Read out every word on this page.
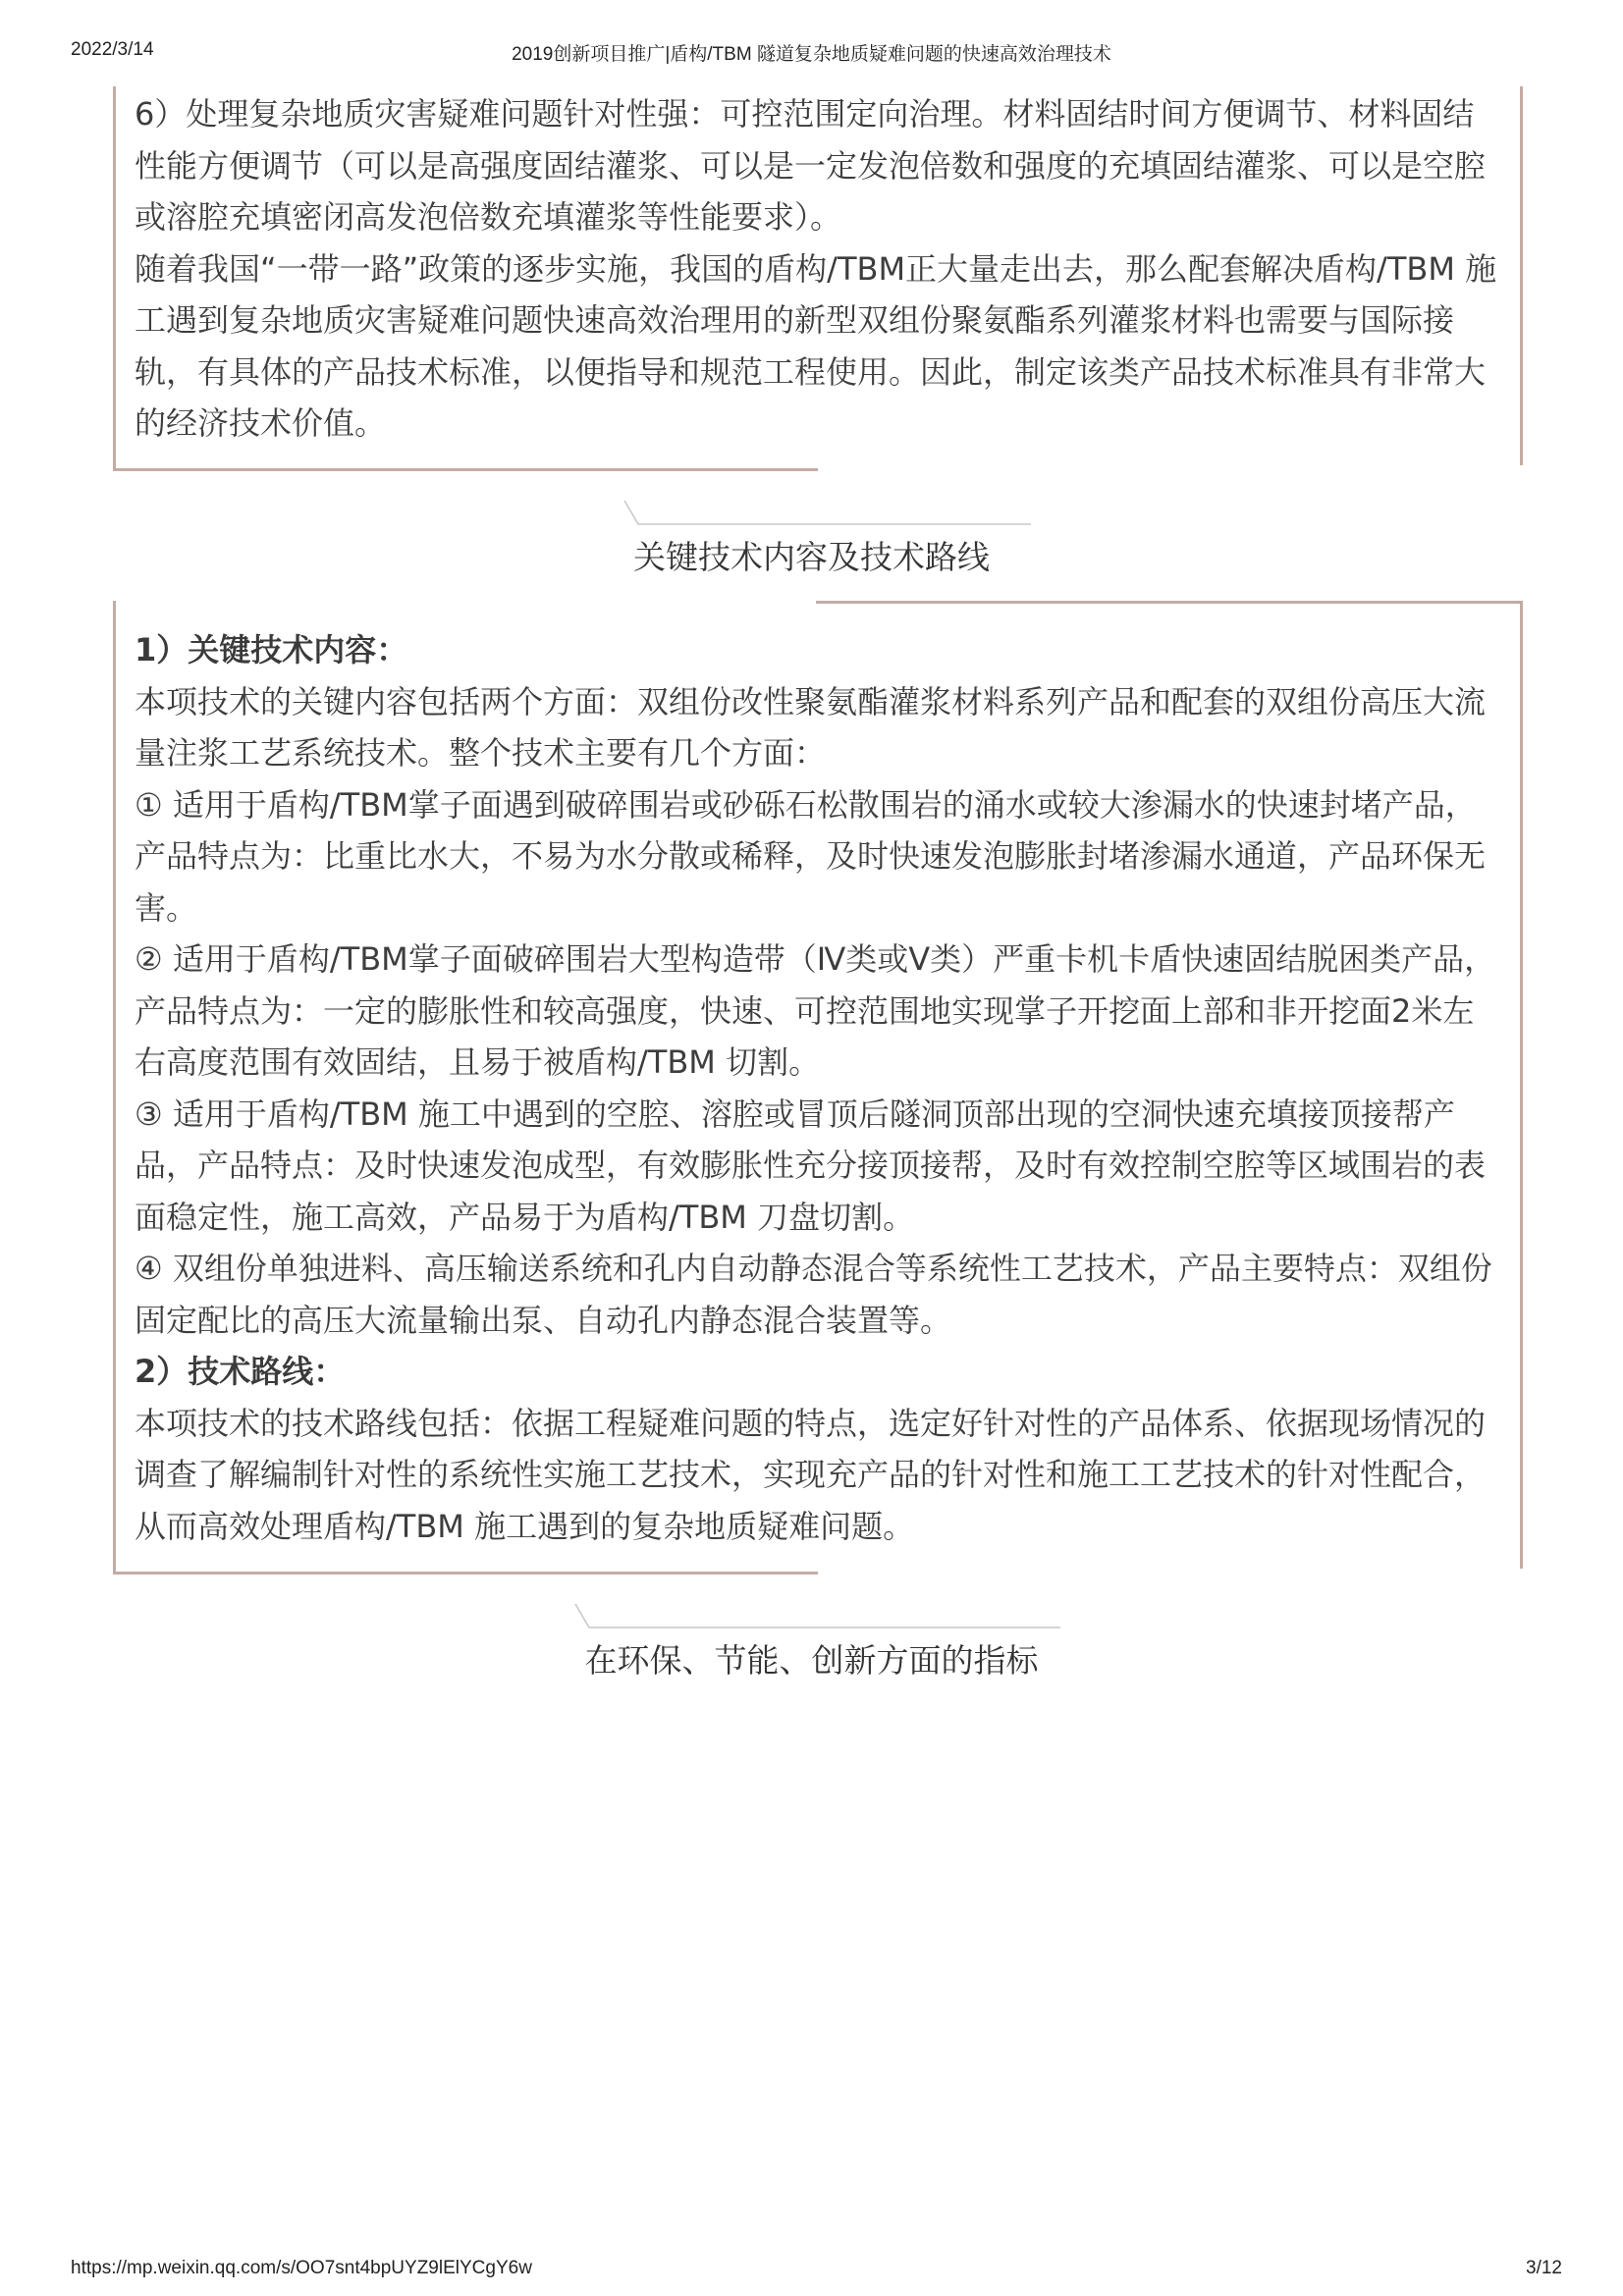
2022/3/14	2019创新项目推广|盾构/TBM 隧道复杂地质疑难问题的快速高效治理技术

6）处理复杂地质灾害疑难问题针对性强：可控范围定向治理。材料固结时间方便调节、材料固结性能方便调节（可以是高强度固结灌浆、可以是一定发泡倍数和强度的充填固结灌浆、可以是空腔或溶腔充填密闭高发泡倍数充填灌浆等性能要求）。

随着我国“一带一路”政策的逐步实施，我国的盾构/TBM正大量走出去，那么配套解决盾构/TBM 施工遇到复杂地质灾害疑难问题快速高效治理用的新型双组份聚氨酯系列灌浆材料也需要与国际接轨，有具体的产品技术标准，以便指导和规范工程使用。因此，制定该类产品技术标准具有非常大的经济技术价值。

关键技术内容及技术路线

1）关键技术内容：

本项技术的关键内容包括两个方面：双组份改性聚氨酯灌浆材料系列产品和配套的双组份高压大流量注浆工艺系统技术。整个技术主要有几个方面：

① 适用于盾构/TBM掌子面遇到破碎围岩或砂砾石松散围岩的涌水或较大渗漏水的快速封堵产品，产品特点为：比重比水大，不易为水分散或稀释，及时快速发泡膨胀封堵渗漏水通道，产品环保无害。

② 适用于盾构/TBM掌子面破碎围岩大型构造带（Ⅳ类或Ⅴ类）严重卡机卡盾快速固结脱困类产品，产品特点为：一定的膨胀性和较高强度，快速、可控范围地实现掌子开挖面上部和非开挖面2米左右高度范围有效固结，且易于被盾构/TBM 切割。

③ 适用于盾构/TBM 施工中遇到的空腔、溶腔或冒顶后隧洞顶部出现的空洞快速充填接顶接帮产品，产品特点：及时快速发泡成型，有效膨胀性充分接顶接帮，及时有效控制空腔等区域围岩的表面稳定性，施工高效，产品易于为盾构/TBM 刀盘切割。

④ 双组份单独进料、高压输送系统和孔内自动静态混合等系统性工艺技术，产品主要特点：双组份固定配比的高压大流量输出泵、自动孔内静态混合装置等。

2）技术路线：

本项技术的技术路线包括：依据工程疑难问题的特点，选定好针对性的产品体系、依据现场情况的调查了解编制针对性的系统性实施工艺技术，实现充产品的针对性和施工工艺技术的针对性配合，从而高效处理盾构/TBM 施工遇到的复杂地质疑难问题。

在环保、节能、创新方面的指标
https://mp.weixin.qq.com/s/OO7snt4bpUYZ9lElYCgY6w	3/12
